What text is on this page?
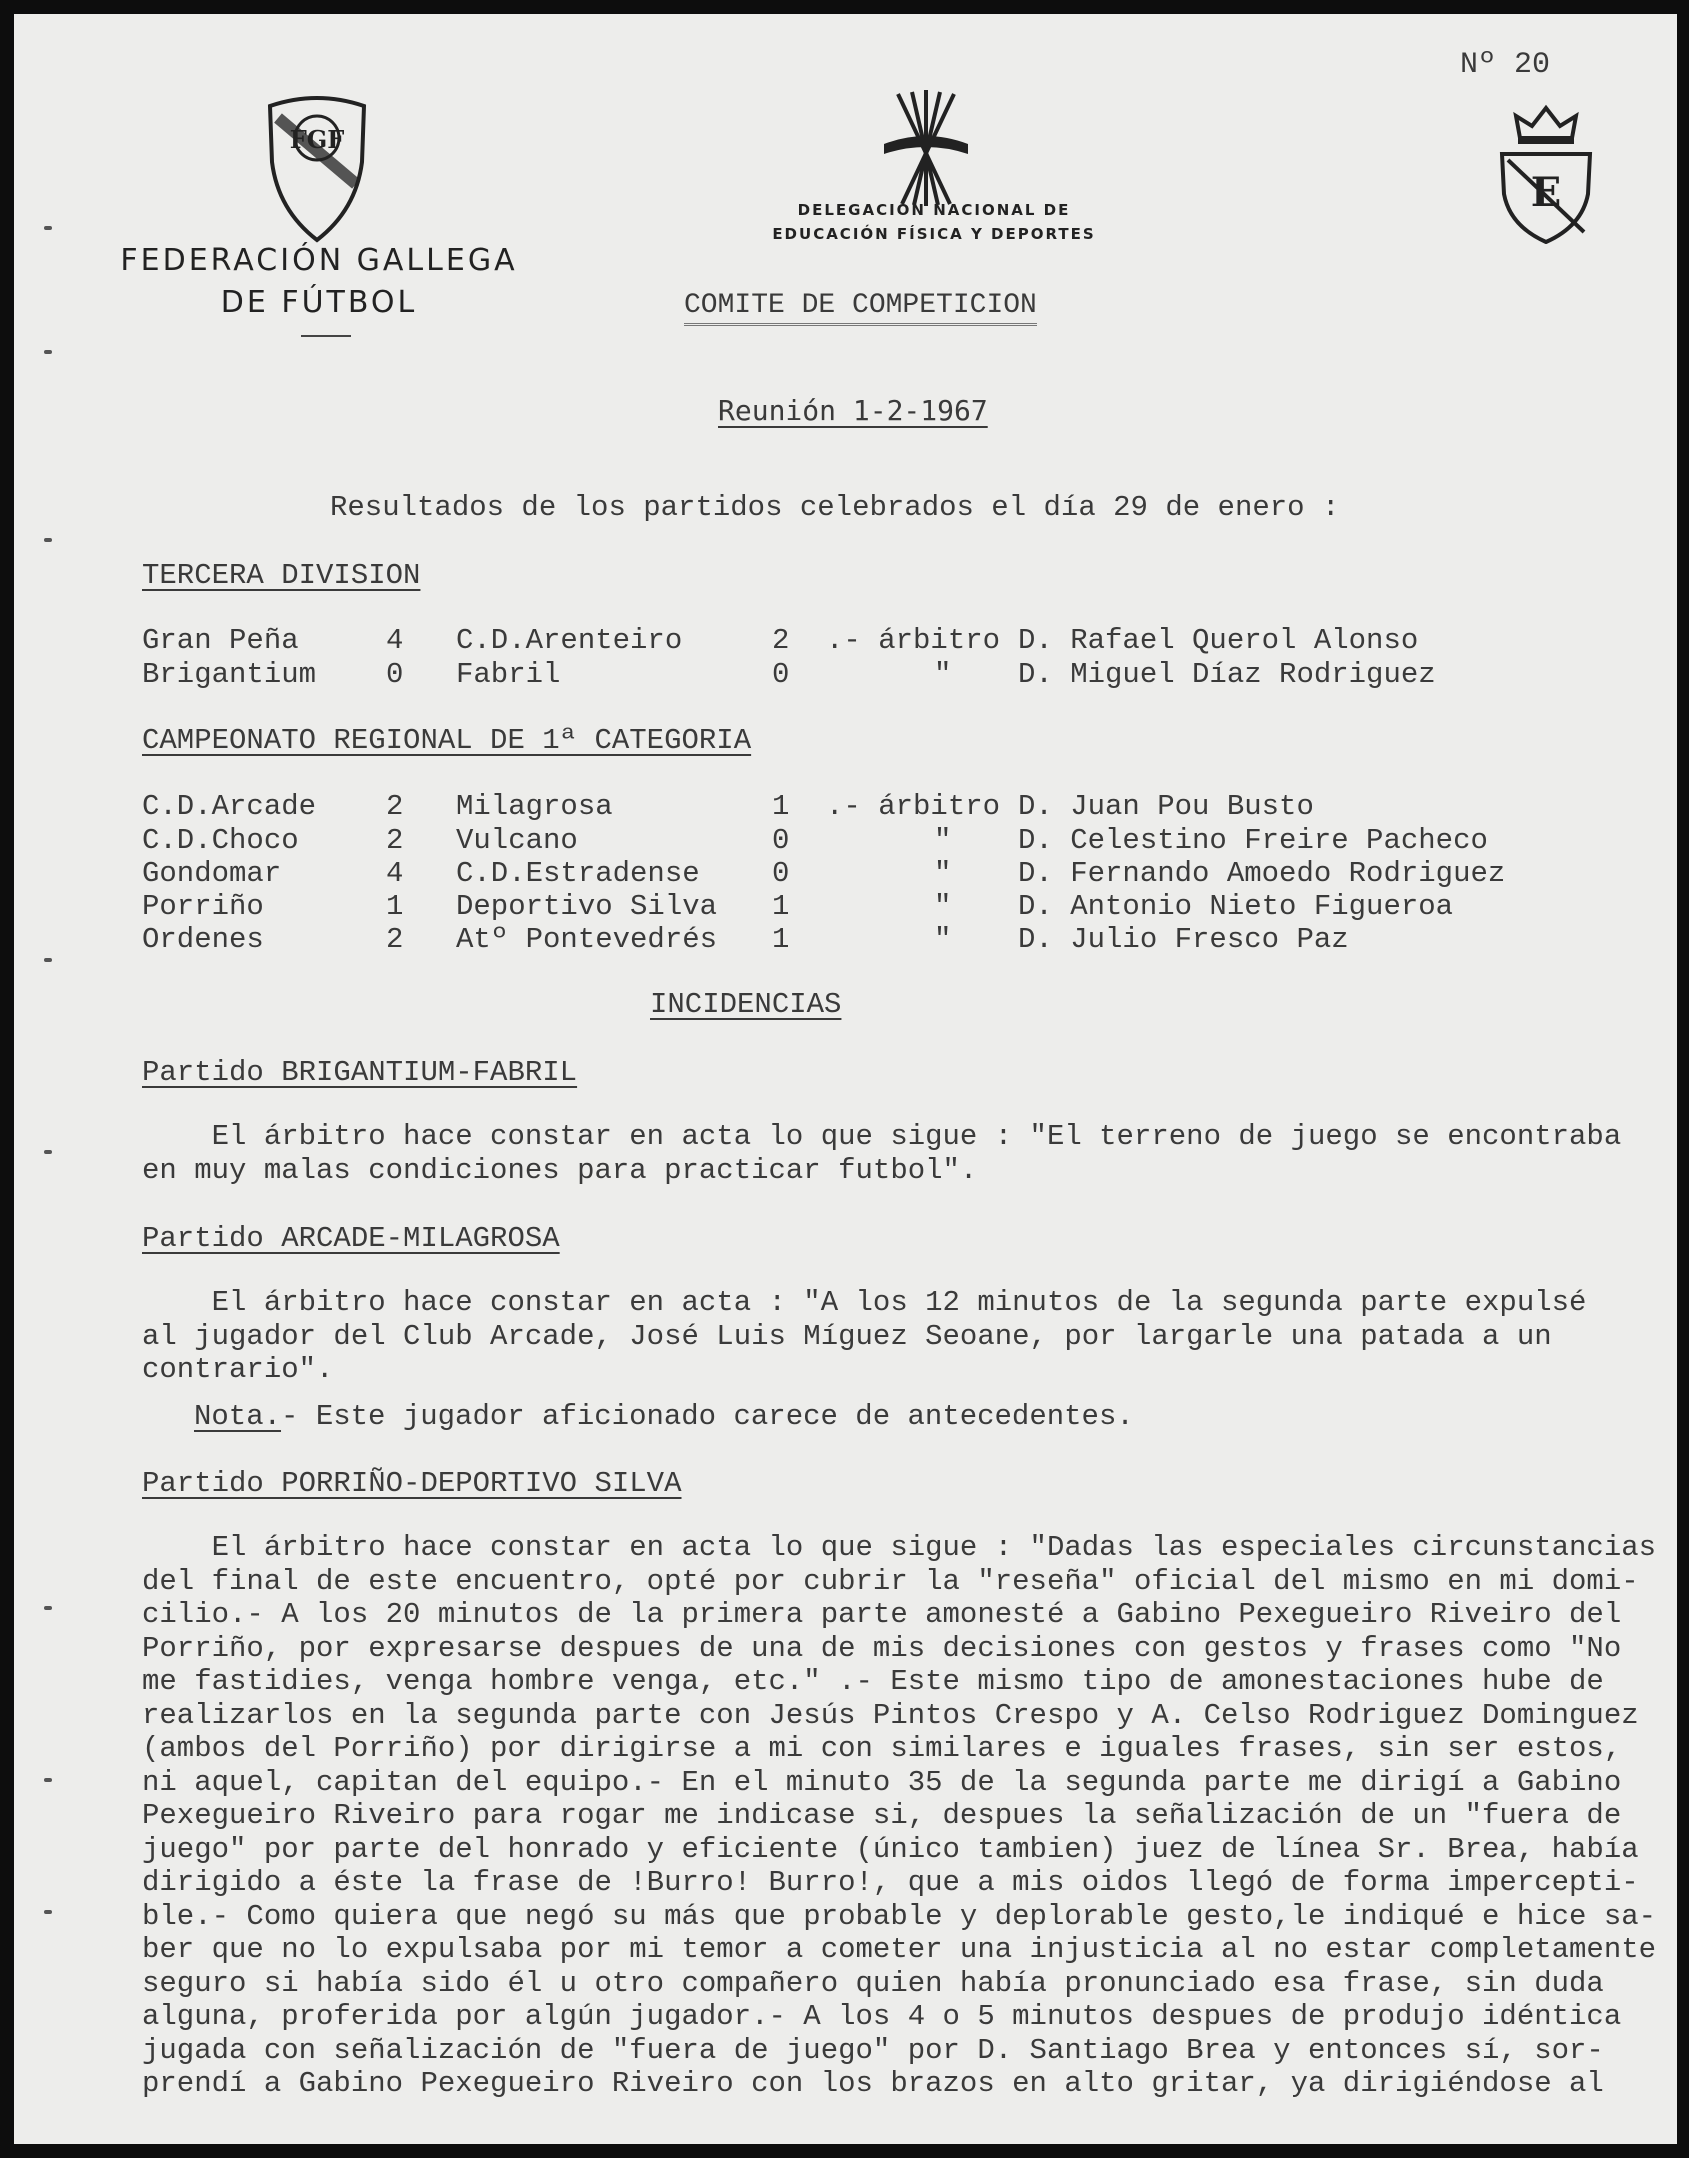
FGF
FEDERACIÓN GALLEGA
DE FÚTBOL
DELEGACIÓN NACIONAL DE
EDUCACIÓN FÍSICA Y DEPORTES
Nº 20
E
COMITE DE COMPETICION
Reunión 1-2-1967
Resultados de los partidos celebrados el día 29 de enero :
TERCERA DIVISION
Gran Peña	4 C.D.Arenteiro	2 .- árbitro D. Rafael Querol Alonso
Brigantium 0 Fabril	0	" D. Miguel Díaz Rodriguez
CAMPEONATO REGIONAL DE 1ª CATEGORIA
C.D.Arcade 2 Milagrosa	1 .- árbitro D. Juan Pou Busto
C.D.Choco	2 Vulcano	0	" D. Celestino Freire Pacheco
Gondomar	4 C.D.Estradense 0	" D. Fernando Amoedo Rodriguez
Porriño	1 Deportivo Silva 1	" D. Antonio Nieto Figueroa
Ordenes	2 Atº Pontevedrés 1	" D. Julio Fresco Paz
INCIDENCIAS
Partido BRIGANTIUM-FABRIL
El árbitro hace constar en acta lo que sigue : "El terreno de juego se encontraba
en muy malas condiciones para practicar futbol".
Partido ARCADE-MILAGROSA
El árbitro hace constar en acta : "A los 12 minutos de la segunda parte expulsé
al jugador del Club Arcade, José Luis Míguez Seoane, por largarle una patada a un
contrario".
Nota.- Este jugador aficionado carece de antecedentes.
Partido PORRIÑO-DEPORTIVO SILVA
El árbitro hace constar en acta lo que sigue : "Dadas las especiales circunstancias
del final de este encuentro, opté por cubrir la "reseña" oficial del mismo en mi domi-
cilio.- A los 20 minutos de la primera parte amonesté a Gabino Pexegueiro Riveiro del
Porriño, por expresarse despues de una de mis decisiones con gestos y frases como "No
me fastidies, venga hombre venga, etc." .- Este mismo tipo de amonestaciones hube de
realizarlos en la segunda parte con Jesús Pintos Crespo y A. Celso Rodriguez Dominguez
(ambos del Porriño) por dirigirse a mi con similares e iguales frases, sin ser estos,
ni aquel, capitan del equipo.- En el minuto 35 de la segunda parte me dirigí a Gabino
Pexegueiro Riveiro para rogar me indicase si, despues la señalización de un "fuera de
juego" por parte del honrado y eficiente (único tambien) juez de línea Sr. Brea, había
dirigido a éste la frase de !Burro! Burro!, que a mis oidos llegó de forma impercepti-
ble.- Como quiera que negó su más que probable y deplorable gesto,le indiqué e hice sa-
ber que no lo expulsaba por mi temor a cometer una injusticia al no estar completamente
seguro si había sido él u otro compañero quien había pronunciado esa frase, sin duda
alguna, proferida por algún jugador.- A los 4 o 5 minutos despues de produjo idéntica
jugada con señalización de "fuera de juego" por D. Santiago Brea y entonces sí, sor-
prendí a Gabino Pexegueiro Riveiro con los brazos en alto gritar, ya dirigiéndose al
